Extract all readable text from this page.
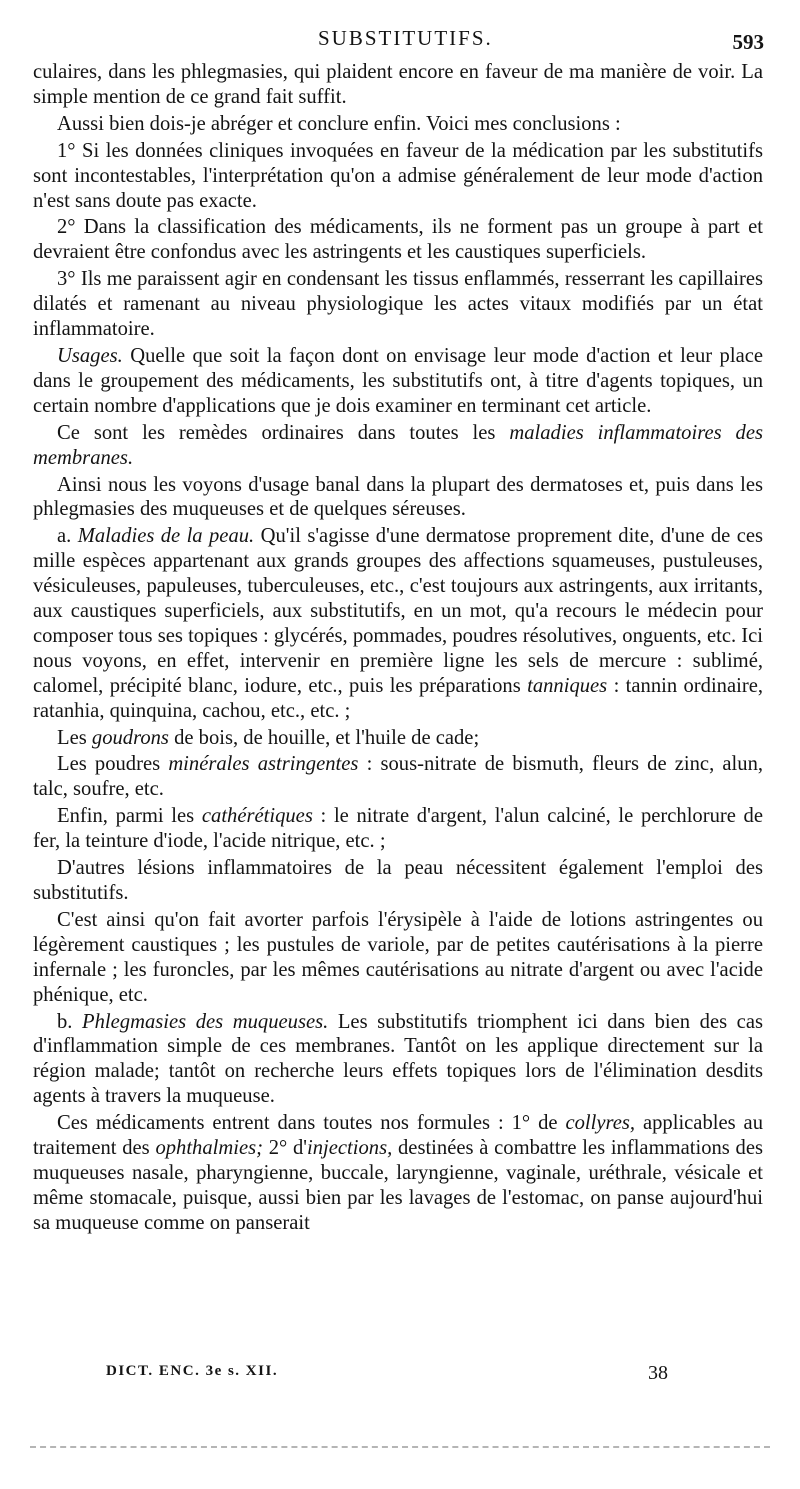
SUBSTITUTIFS.	593

culaires, dans les phlegmasies, qui plaident encore en faveur de ma manière de voir. La simple mention de ce grand fait suffit.

Aussi bien dois-je abréger et conclure enfin. Voici mes conclusions :

1° Si les données cliniques invoquées en faveur de la médication par les substitutifs sont incontestables, l'interprétation qu'on a admise généralement de leur mode d'action n'est sans doute pas exacte.

2° Dans la classification des médicaments, ils ne forment pas un groupe à part et devraient être confondus avec les astringents et les caustiques superficiels.

3° Ils me paraissent agir en condensant les tissus enflammés, resserrant les capillaires dilatés et ramenant au niveau physiologique les actes vitaux modifiés par un état inflammatoire.

Usages. Quelle que soit la façon dont on envisage leur mode d'action et leur place dans le groupement des médicaments, les substitutifs ont, à titre d'agents topiques, un certain nombre d'applications que je dois examiner en terminant cet article.

Ce sont les remèdes ordinaires dans toutes les maladies inflammatoires des membranes.

Ainsi nous les voyons d'usage banal dans la plupart des dermatoses et, puis dans les phlegmasies des muqueuses et de quelques séreuses.

a. Maladies de la peau. Qu'il s'agisse d'une dermatose proprement dite, d'une de ces mille espèces appartenant aux grands groupes des affections squameuses, pustuleuses, vésiculeuses, papuleuses, tuberculeuses, etc., c'est toujours aux astringents, aux irritants, aux caustiques superficiels, aux substitutifs, en un mot, qu'a recours le médecin pour composer tous ses topiques : glycérés, pommades, poudres résolutives, onguents, etc. Ici nous voyons, en effet, intervenir en première ligne les sels de mercure : sublimé, calomel, précipité blanc, iodure, etc., puis les préparations tanniques : tannin ordinaire, ratanhia, quinquina, cachou, etc., etc. ;

Les goudrons de bois, de houille, et l'huile de cade;

Les poudres minérales astringentes : sous-nitrate de bismuth, fleurs de zinc, alun, talc, soufre, etc.

Enfin, parmi les cathérétiques : le nitrate d'argent, l'alun calciné, le perchlorure de fer, la teinture d'iode, l'acide nitrique, etc. ;

D'autres lésions inflammatoires de la peau nécessitent également l'emploi des substitutifs.

C'est ainsi qu'on fait avorter parfois l'érysipèle à l'aide de lotions astringentes ou légèrement caustiques ; les pustules de variole, par de petites cautérisations à la pierre infernale ; les furoncles, par les mêmes cautérisations au nitrate d'argent ou avec l'acide phénique, etc.

b. Phlegmasies des muqueuses. Les substitutifs triomphent ici dans bien des cas d'inflammation simple de ces membranes. Tantôt on les applique directement sur la région malade; tantôt on recherche leurs effets topiques lors de l'élimination desdits agents à travers la muqueuse.

Ces médicaments entrent dans toutes nos formules : 1° de collyres, applicables au traitement des ophthalmies; 2° d'injections, destinées à combattre les inflammations des muqueuses nasale, pharyngienne, buccale, laryngienne, vaginale, uréthrale, vésicale et même stomacale, puisque, aussi bien par les lavages de l'estomac, on panse aujourd'hui sa muqueuse comme on panserait

DICT. ENC. 3e s. XII.	38
